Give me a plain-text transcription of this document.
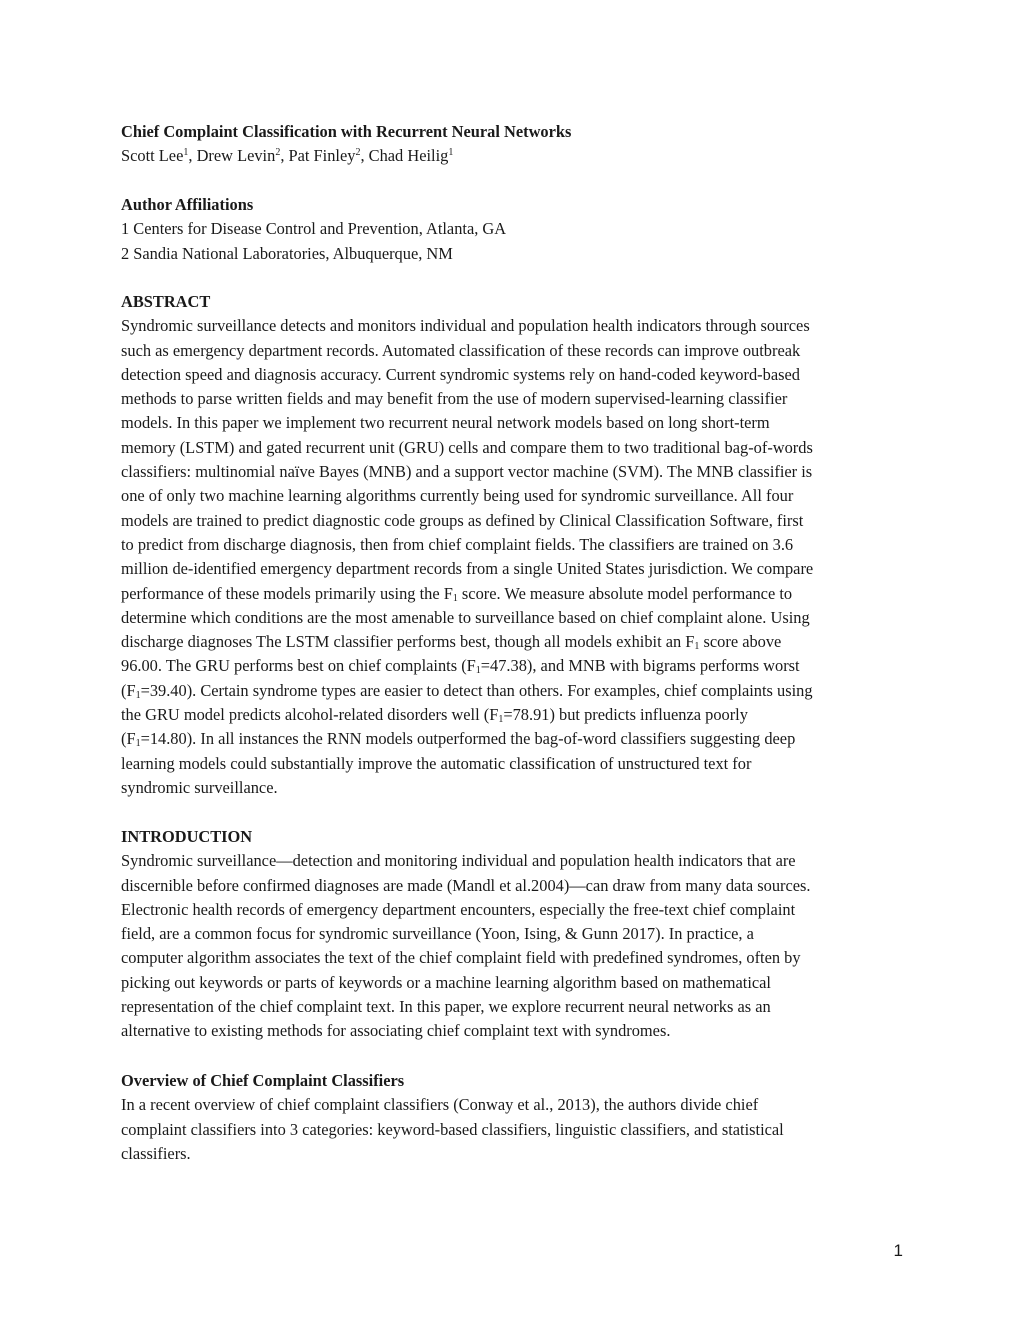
Chief Complaint Classification with Recurrent Neural Networks
Scott Lee$^1$, Drew Levin$^2$, Pat Finley$^2$, Chad Heilig$^1$
Author Affiliations
1 Centers for Disease Control and Prevention, Atlanta, GA
2 Sandia National Laboratories, Albuquerque, NM
ABSTRACT
Syndromic surveillance detects and monitors individual and population health indicators through sources
such as emergency department records. Automated classification of these records can improve outbreak
detection speed and diagnosis accuracy. Current syndromic systems rely on hand-coded keyword-based
methods to parse written fields and may benefit from the use of modern supervised-learning classifier
models. In this paper we implement two recurrent neural network models based on long short-term
memory (LSTM) and gated recurrent unit (GRU) cells and compare them to two traditional bag-of-words
classifiers: multinomial naïve Bayes (MNB) and a support vector machine (SVM). The MNB classifier is
one of only two machine learning algorithms currently being used for syndromic surveillance. All four
models are trained to predict diagnostic code groups as defined by Clinical Classification Software, first
to predict from discharge diagnosis, then from chief complaint fields. The classifiers are trained on 3.6
million de-identified emergency department records from a single United States jurisdiction. We compare
performance of these models primarily using the $F_1$ score. We measure absolute model performance to
determine which conditions are the most amenable to surveillance based on chief complaint alone. Using
discharge diagnoses The LSTM classifier performs best, though all models exhibit an $F_1$ score above
96.00. The GRU performs best on chief complaints $(F_1=47.38)$, and MNB with bigrams performs worst
$(F_1=39.40)$. Certain syndrome types are easier to detect than others. For examples, chief complaints using
the GRU model predicts alcohol-related disorders well $(F_1=78.91)$ but predicts influenza poorly
$(F_1=14.80)$. In all instances the RNN models outperformed the bag-of-word classifiers suggesting deep
learning models could substantially improve the automatic classification of unstructured text for
syndromic surveillance.
INTRODUCTION
Syndromic surveillance—detection and monitoring individual and population health indicators that are
discernible before confirmed diagnoses are made (Mandl et al.2004)—can draw from many data sources.
Electronic health records of emergency department encounters, especially the free-text chief complaint
field, are a common focus for syndromic surveillance (Yoon, Ising, & Gunn 2017). In practice, a
computer algorithm associates the text of the chief complaint field with predefined syndromes, often by
picking out keywords or parts of keywords or a machine learning algorithm based on mathematical
representation of the chief complaint text. In this paper, we explore recurrent neural networks as an
alternative to existing methods for associating chief complaint text with syndromes.
Overview of Chief Complaint Classifiers
In a recent overview of chief complaint classifiers (Conway et al., 2013), the authors divide chief
complaint classifiers into 3 categories: keyword-based classifiers, linguistic classifiers, and statistical
classifiers.
1
